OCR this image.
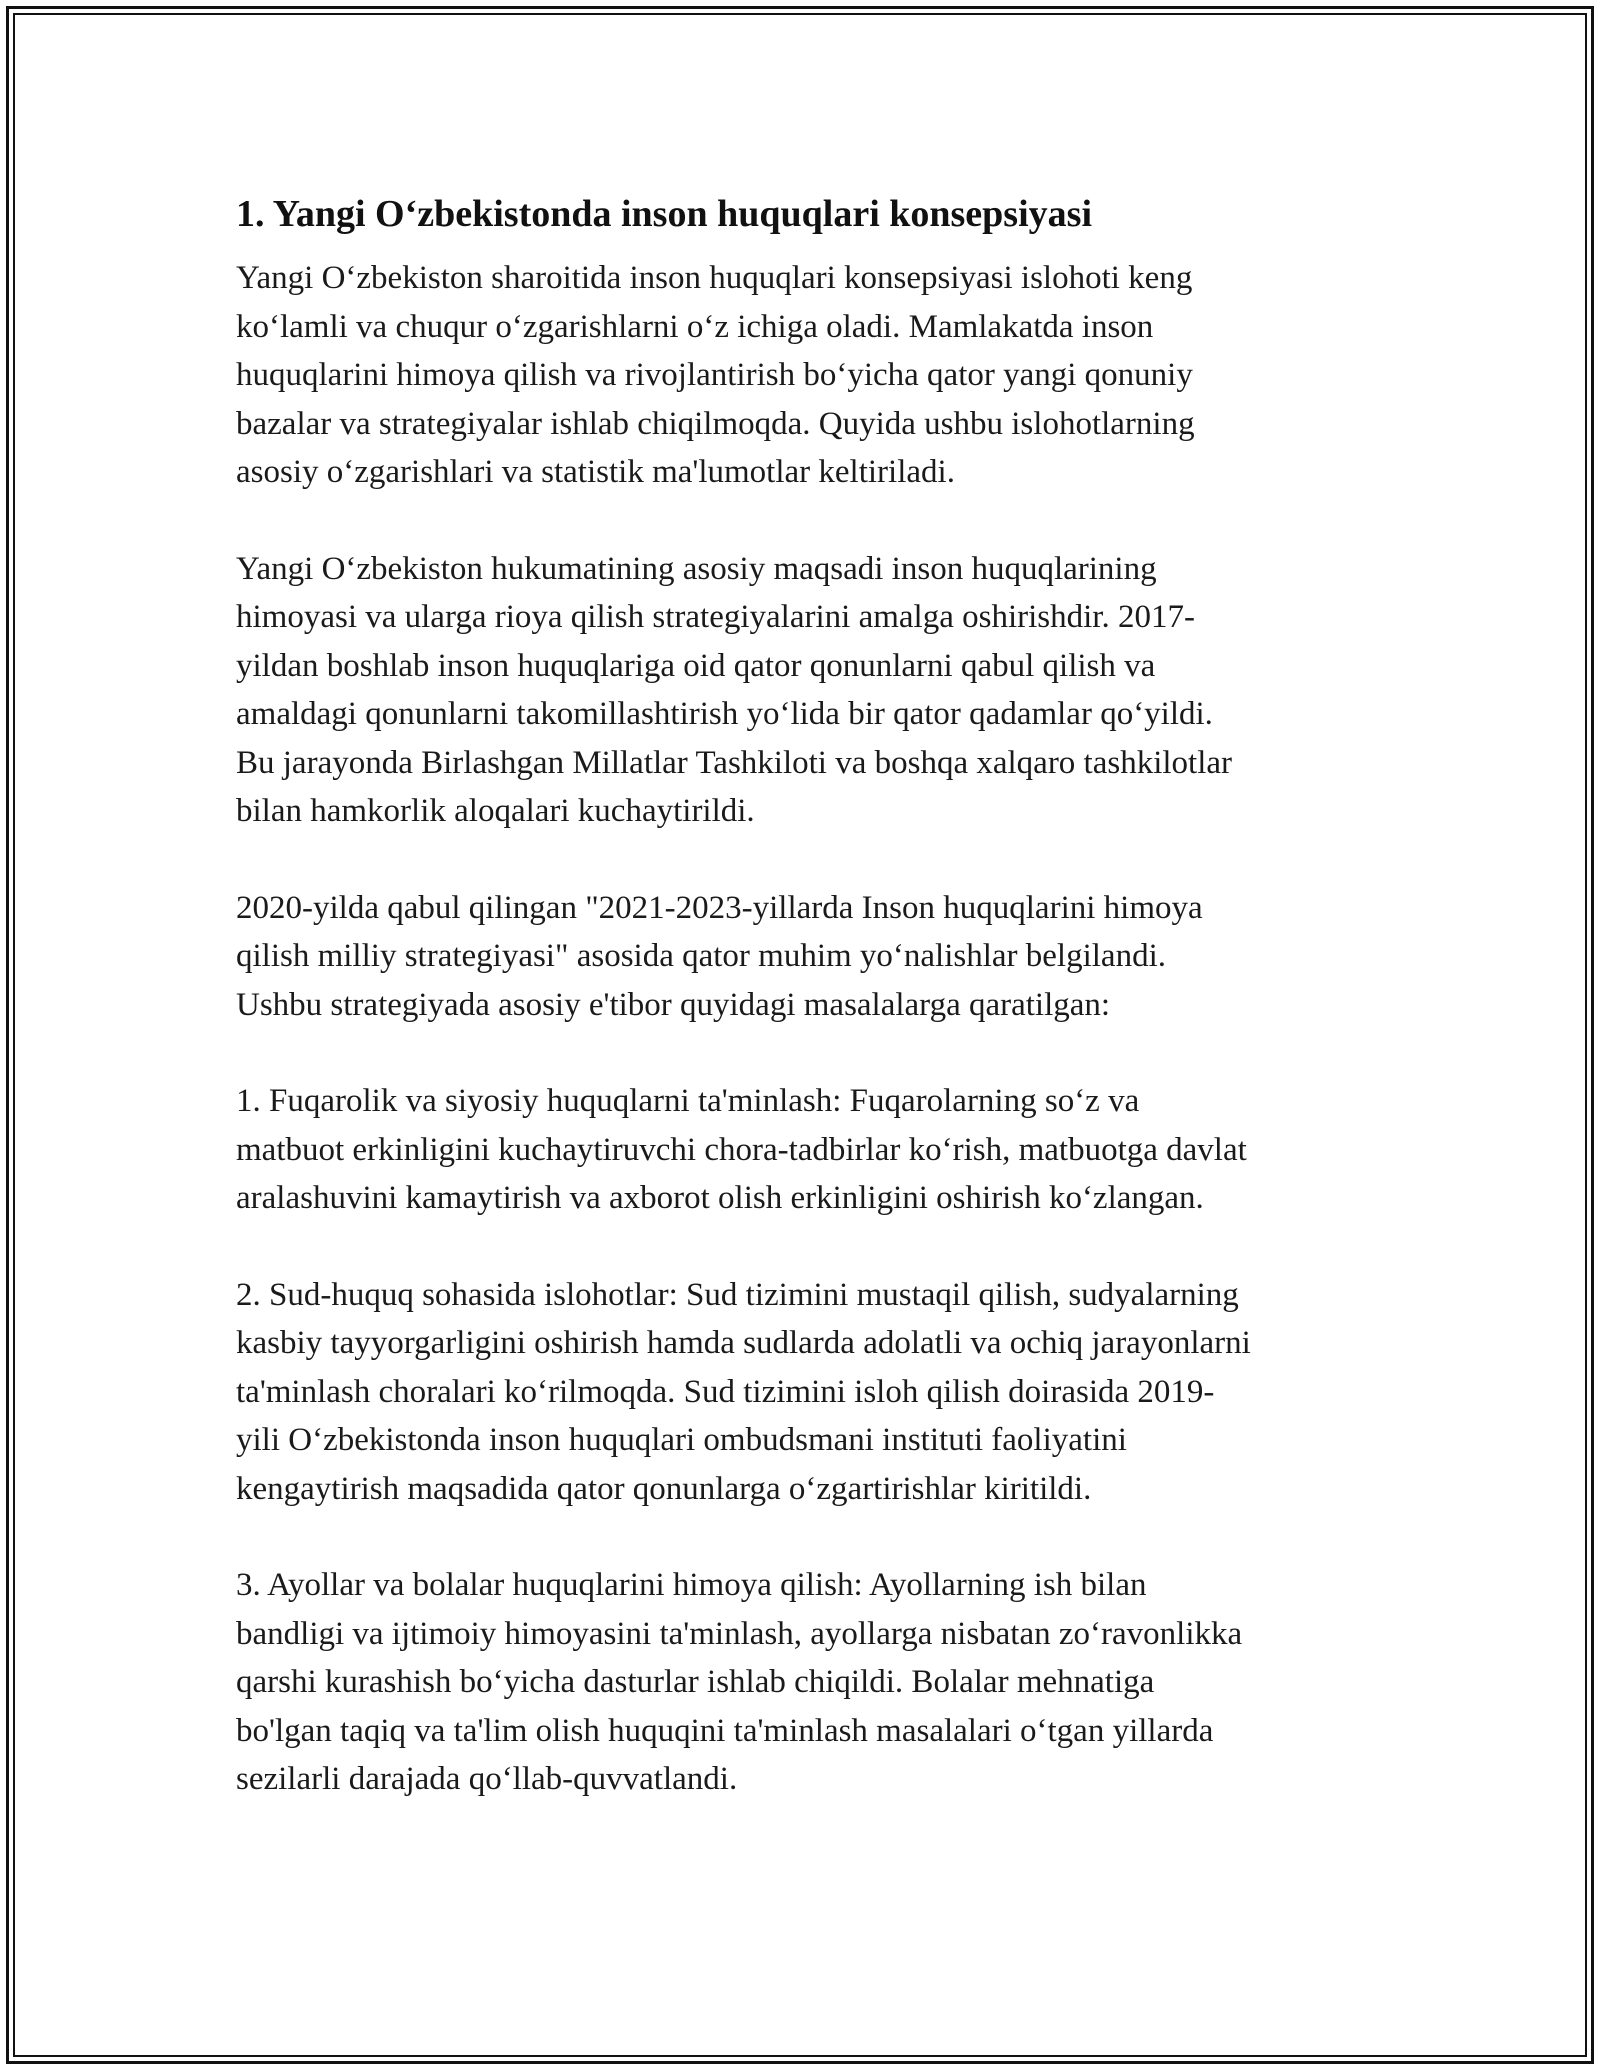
1. Yangi O‘zbekistonda inson huquqlari konsepsiyasi

Yangi O‘zbekiston sharoitida inson huquqlari konsepsiyasi islohoti keng
ko‘lamli va chuqur o‘zgarishlarni o‘z ichiga oladi. Mamlakatda inson
huquqlarini himoya qilish va rivojlantirish bo‘yicha qator yangi qonuniy
bazalar va strategiyalar ishlab chiqilmoqda. Quyida ushbu islohotlarning
asosiy o‘zgarishlari va statistik ma'lumotlar keltiriladi.

Yangi O‘zbekiston hukumatining asosiy maqsadi inson huquqlarining
himoyasi va ularga rioya qilish strategiyalarini amalga oshirishdir. 2017-
yildan boshlab inson huquqlariga oid qator qonunlarni qabul qilish va
amaldagi qonunlarni takomillashtirish yo‘lida bir qator qadamlar qo‘yildi.
Bu jarayonda Birlashgan Millatlar Tashkiloti va boshqa xalqaro tashkilotlar
bilan hamkorlik aloqalari kuchaytirildi.

2020-yilda qabul qilingan "2021-2023-yillarda Inson huquqlarini himoya
qilish milliy strategiyasi" asosida qator muhim yo‘nalishlar belgilandi.
Ushbu strategiyada asosiy e'tibor quyidagi masalalarga qaratilgan:

1. Fuqarolik va siyosiy huquqlarni ta'minlash: Fuqarolarning so‘z va
matbuot erkinligini kuchaytiruvchi chora-tadbirlar ko‘rish, matbuotga davlat
aralashuvini kamaytirish va axborot olish erkinligini oshirish ko‘zlangan.

2. Sud-huquq sohasida islohotlar: Sud tizimini mustaqil qilish, sudyalarning
kasbiy tayyorgarligini oshirish hamda sudlarda adolatli va ochiq jarayonlarni
ta'minlash choralari ko‘rilmoqda. Sud tizimini isloh qilish doirasida 2019-
yili O‘zbekistonda inson huquqlari ombudsmani instituti faoliyatini
kengaytirish maqsadida qator qonunlarga o‘zgartirishlar kiritildi.

3. Ayollar va bolalar huquqlarini himoya qilish: Ayollarning ish bilan
bandligi va ijtimoiy himoyasini ta'minlash, ayollarga nisbatan zo‘ravonlikka
qarshi kurashish bo‘yicha dasturlar ishlab chiqildi. Bolalar mehnatiga
bo'lgan taqiq va ta'lim olish huquqini ta'minlash masalalari o‘tgan yillarda
sezilarli darajada qo‘llab-quvvatlandi.
